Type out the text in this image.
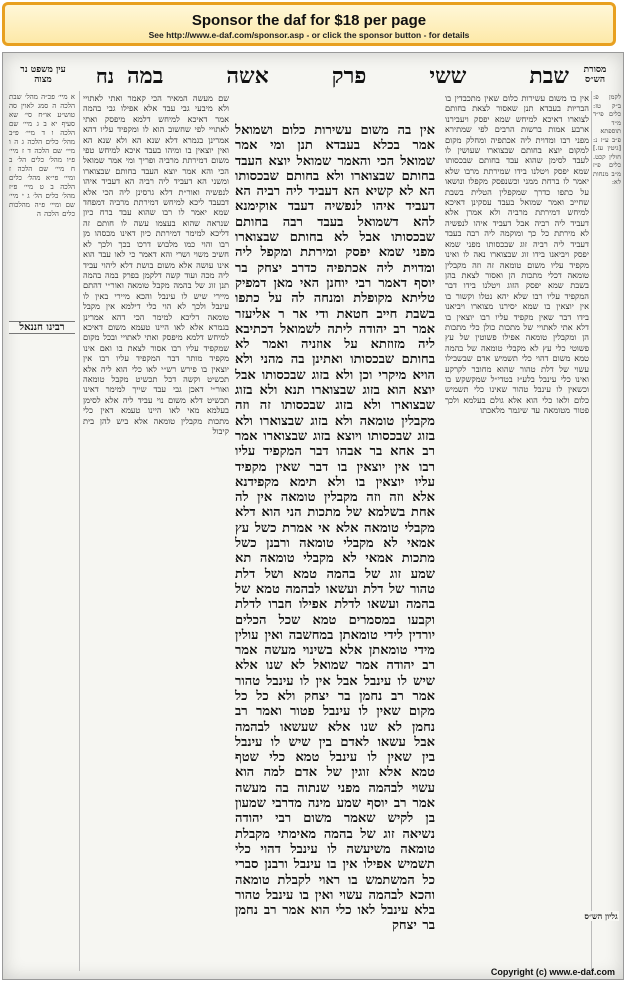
Sponsor the daf for $18 per page
See http://www.e-daf.com/sponsor.asp - or click the sponsor button - for details
עין משפט נר מצוה	נח	שבת
ששי
פרק
אשה
במה	מסורת הש״ס
א מיי׳ פכ״ה מהל׳ שבת הלכה ה סמג לאוין סה טוש״ע או״ח סי׳ שא סעיף יא ב ג מיי׳ שם הלכה ו ד מיי׳ פ״ב מהל׳ כלים הלכה ג ה ו מיי׳ שם הלכה ד ז מיי׳ פ״ו מהל׳ כלים הל׳ ב ח מיי׳ שם הלכה ז ומיי׳ פי״א מהל׳ כלים הלכה ב ט מיי׳ פ״ז מהל׳ כלים הל׳ ג י מיי׳ שם ומיי׳ פ״ה מהלכות כלים הלכה ה
רבינו חננאל
שם מעשה המאיר הכי קאמר ואתי לאתויי ולא מיבעי גבי עבד אלא אפילו גבי בהמה אמר דאיכא למיחש דלמא מיפסק ואתי לאתויי לפי שחשוב הוא לו ומקפיד עליו דהא אמרינן בגמרא דלא שנא הא ולא שנא הא ואין יוצאין בו ומיהו בעבד איכא למיחש טפי משום דמירתת מרביה ופריך ומי אמר שמואל הכי והא אמר יוצא העבד בחותם שבצוארו ומשני הא דעביד ליה רביה הא דעביד איהו לנפשיה ואור״ת דלא גרסינן ליה הכי אלא דבעבד ליכא למיחש דמירתת מרביה דמפחד שמא יאמר לו רבו שהוא עבד ברח כיון שנראה שהוא בעצמו עשה לו חותם זה דליכא למימר דמירתת כיון דאינו מכסהו מן רבו והוי כמו מלבוש דרכו בכך ולכך לא חשיב משוי ושרי והא דאמר כי לאו עבד הוא אינו עושה אלא משום בושת דלא ליהוי עביד ליה מכה ועוד קשה דלקמן בפרק במה בהמה תנן זוג של בהמה מקבל טומאה ואור״י דהתם מיירי שיש לו עינבל והכא מיירי באין לו עינבל ולכך לא הוי כלי דילמא אין מקבל טומאה דליכא למימר הכי דהא אמרינן בגמרא אלא לאו היינו טעמא משום דאיכא למיחש דלמא מיפסק ואתי לאתויי ובכל מקום שמקפיד עליו רבו אסור לצאת בו ואם אינו מקפיד מותר דבר המקפיד עליו רבו אין יוצאין בו פירש רש״י לאו כלי הוא ליה אלא תכשיט וקשה דכל תכשיט מקבל טומאה ואור״י דאכן גבי עבד שייך למימר דאינו תכשיט דלא משום נוי עביד ליה אלא לסימן בעלמא מאי לאו היינו טעמא דאין כלי מתכות מקבלין טומאה אלא ביש להן בית קיבול
אין בה משום עשירות כלום ושמואל אמר בכלא בעבדא תנן ומי אמר שמואל הכי והאמר שמואל יוצא העבד בחותם שבצוארו ולא בחותם שבכסותו הא לא קשיא הא דעביד ליה רביה הא דעביד איהו לנפשיה דעבד אוקימנא להא דשמואל בעבד רבה בחותם שבכסותו אבל לא בחותם שבצוארו מפני שמא יפסק ומירתת ומקפל ליה ומדוית ליה אכתפיה כדרב יצחק בר יוסף דאמר רבי יוחנן האי מאן דמפיק טליתא מקופלת ומנחה לה על כתפו בשבת חייב חטאת ודי אר ר אליעזר אמר רב יהודה ליתה לשמואל דכתיבא ליה מזוזתא על אוזניה ואמר לא בחותם שבכסותו ואתינן בה מהני ולא הויא מיקרי וכן ולא בזוג שבכסותו אבל יוצא הוא בזוג שבצוארו תנא ולא בזוג שבצוארו ולא בזוג שבכסותו זה וזה מקבלין טומאה ולא בזוג שבצוארו ולא בזוג שבכסותו ויוצא בזוג שבצוארו אמר רב אחא בר אבהו דבר המקפיד עליו רבו אין יוצאין בו דבר שאין מקפיד עליו יוצאין בו ולא תימא מקפידנא אלא וזה וזה מקבלין טומאה אין לה אחת בשלמא של מתכות הני הוא דלא מקבלי טומאה אלא אי אמרת כשל עץ אמאי לא מקבלי טומאה ורבנן כשל מתכות אמאי לא מקבלי טומאה תא שמע זוג של בהמה טמא ושל דלת טהור של דלת ועשאו לבהמה טמא של בהמה ועשאו לדלת אפילו חברו לדלת וקבעו במסמרים טמא שכל הכלים יורדין לידי טומאתן במחשבה ואין עולין מידי טומאתן אלא בשינוי מעשה אמר רב יהודה אמר שמואל לא שנו אלא שיש לו עינבל אבל אין לו עינבל טהור אמר רב נחמן בר יצחק ולא כל כל מקום שאין לו עינבל פטור ואמר רב נחמן לא שנו אלא שעשאו לבהמה אבל עשאו לאדם בין שיש לו עינבל בין שאין לו עינבל טמא כלי שטף טמא אלא זוגין של אדם למה הוא עשוי לבהמה מפני שנתוה בה מעשה אמר רב יוסף שמע מינה מדרבי שמעון בן לקיש שאמר משום רבי יהודה נשיאה זוג של בהמה מאימתי מקבלת טומאה משיעשה לו עינבל דהוי כלי תשמיש אפילו אין בו עינבל ורבנן סברי כל המשתמש בו ראוי לקבלת טומאה והכא לבהמה עשוי ואין בו עינבל טהור בלא עינבל לאו כלי הוא אמר רב נחמן בר יצחק
אין בו משום עשירות כלום שאין מתכבדין בו הבריות בעבדא תנן שאסור לצאת בחותם לצוארו דאיכא למיחש שמא יפסק ויעבירנו ארבע אמות ברשות הרבים לפי שמתירא מפני רבו ומדוית ליה אכתפיה ומחלק מקום למקום יוצא בחותם שבצוארו שעושין לו לעבד לסימן שהוא עבד בחותם שבכסותו שמא יפסק ויטלנו בידו שמירתת מרבו שלא יאמר לו ברחת ממני וכשנפסק מקפלו ונושאו על כתפו כדרך שמקפלין הטלית בשבת שחייב ואמר שמואל בעבד עסקינן דאיכא למיחש דמירתת מרביה ולא אמרן אלא דעביד ליה רביה אבל דעביד איהו לנפשיה לא מירתת כל כך ומוקמה ליה רבה בעבד דעביד ליה רביה זוג שבכסותו מפני שמא יפסק ויביאנו בידו זוג שבצוארו נאה לו ואינו מקפיד עליו משום טומאה זה וזה מקבלין טומאה דכלי מתכות הן ואסור לצאת בהן בשבת שמא יפסק הזוג ויטלנו בידו דבר המקפיד עליו רבו שלא יהא נטלו וקשור בו אין יוצאין בו שמא יסירנו מצוארו ויביאנו בידו דבר שאין מקפיד עליו רבו יוצאין בו דלא אתי לאתויי של מתכות כולן כלי מתכות הן ומקבלין טומאה אפילו פשוטין של עץ פשוטי כלי עץ לא מקבלי טומאה של בהמה טמא משום דהוי כלי תשמיש אדם שבשבילו עשוי של דלת טהור שהוא מחובר לקרקע ואינו כלי עינבל בלע״ז בטדי״ל שמקשקש בו וכשאין לו עינבל טהור שאינו כלי תשמיש כלום ולאו כלי הוא אלא גולם בעלמא ולכך פטור מטומאה עד שיגמר מלאכתו
לקמן פ: ב״ק טז: כלים פי״ד מ״ד תוספתא פ״ב ע״ז נ: [גיטין עז.] חולין קכט. כלים פ״ז מ״ב מנחות לא:
גליון הש״ס
Copyright (c) www.e-daf.com
